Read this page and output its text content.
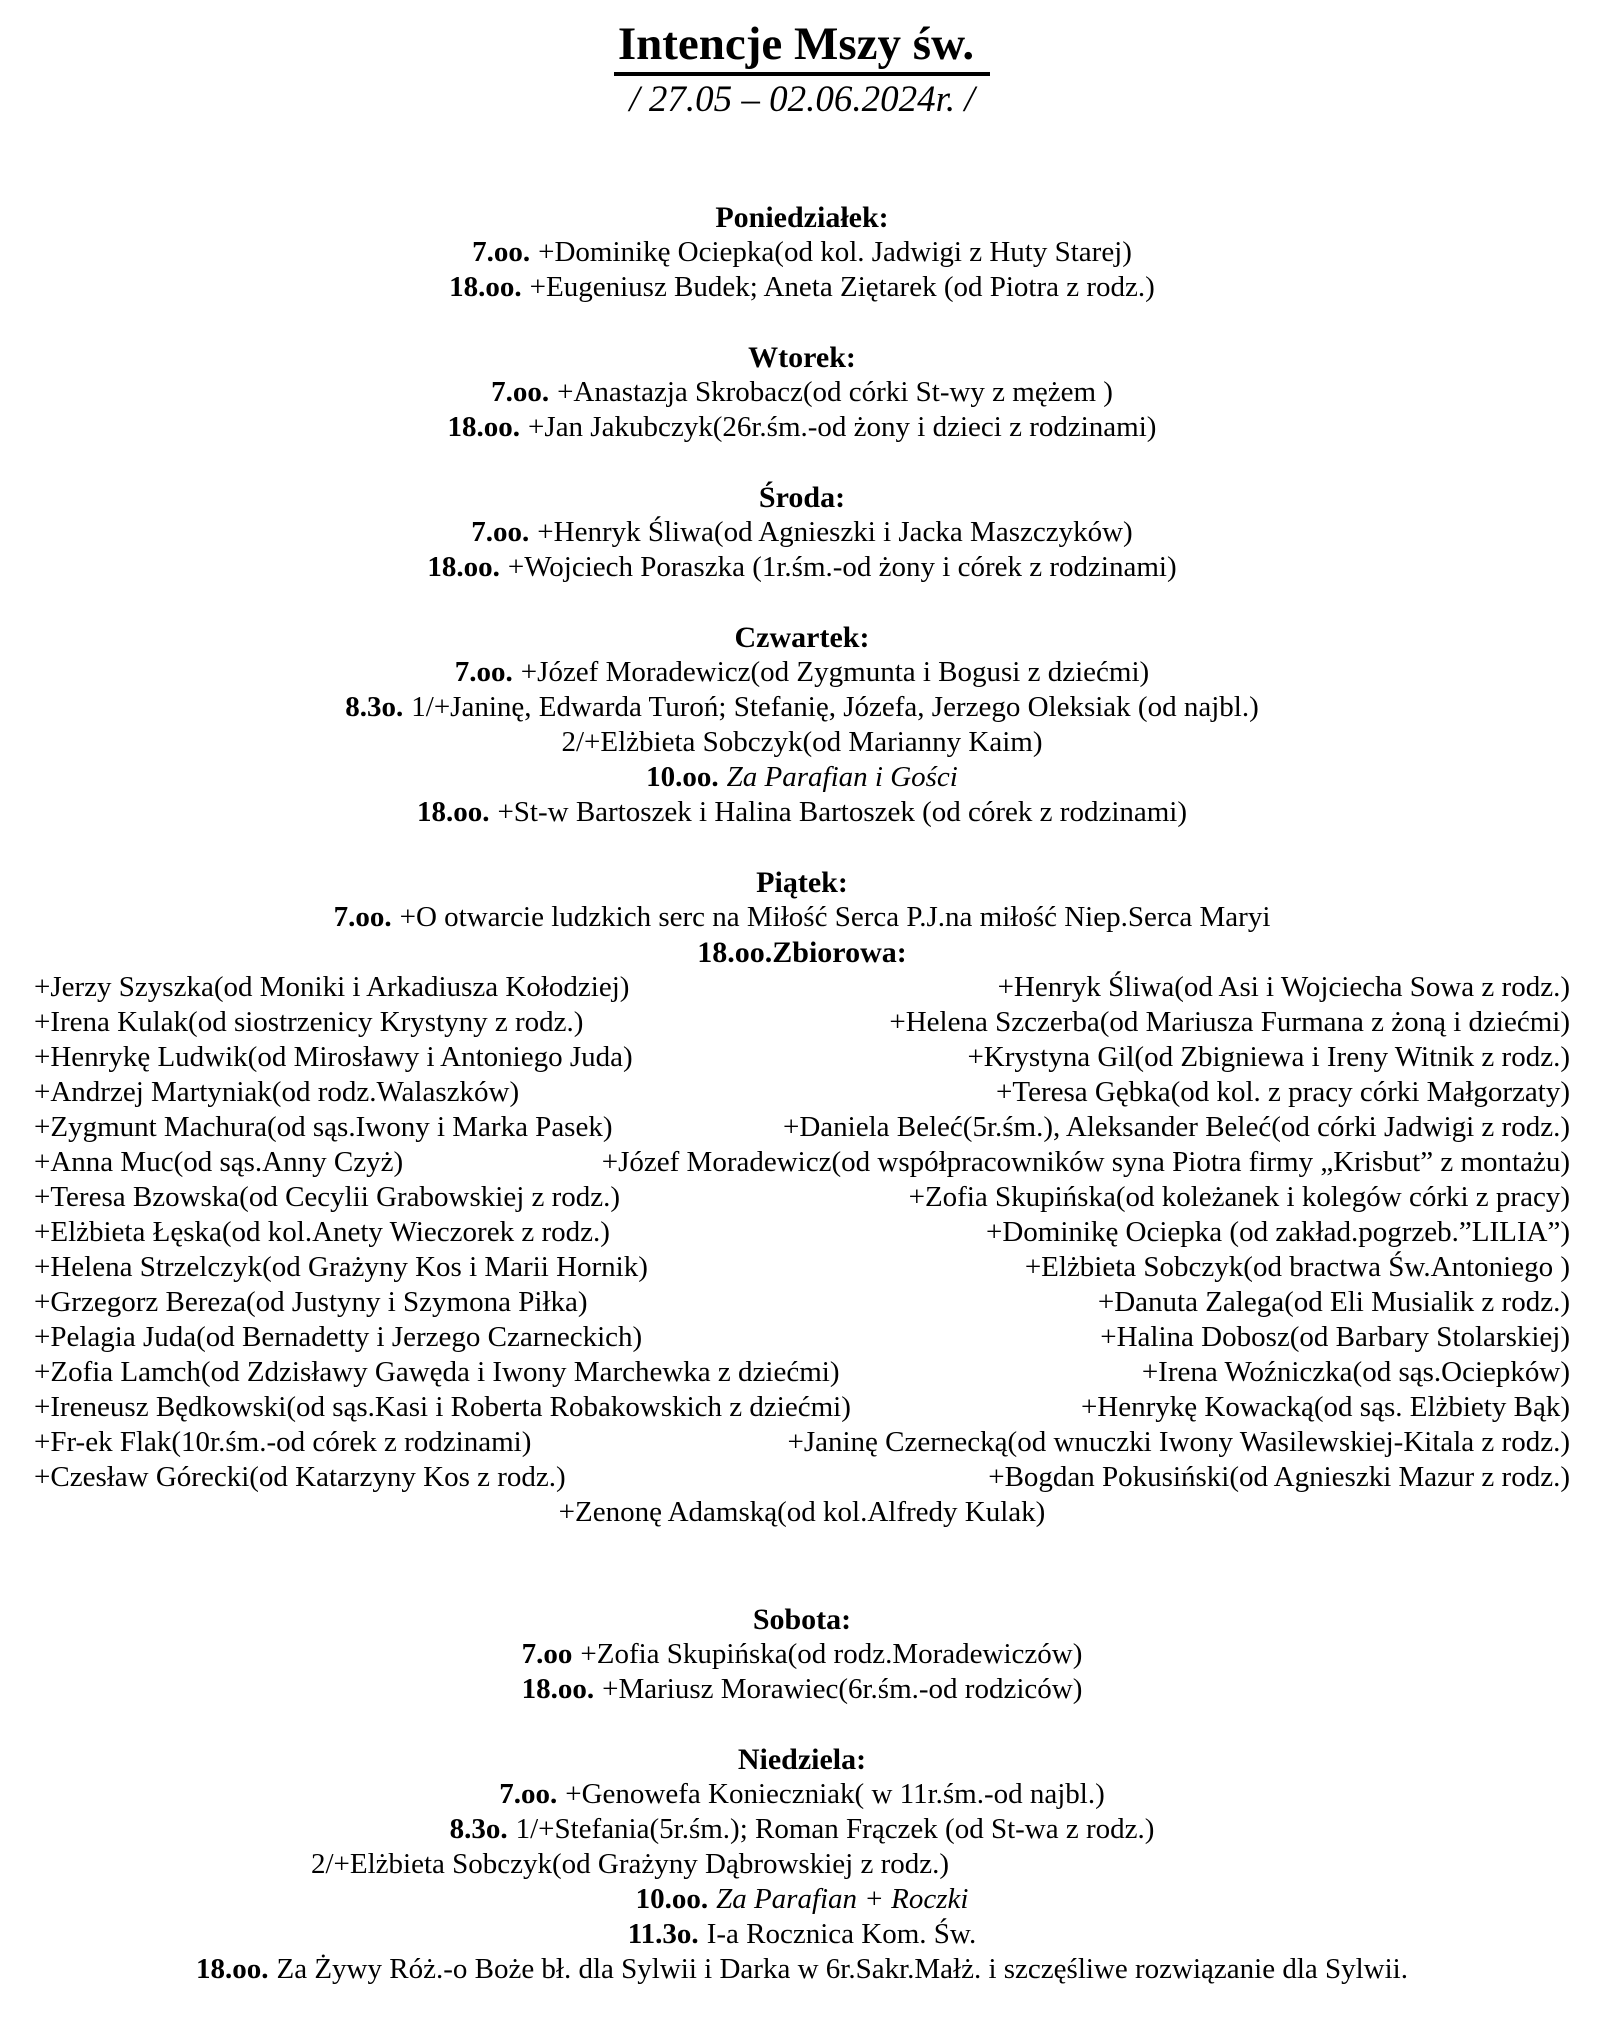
Intencje Mszy św.
/ 27.05 – 02.06.2024r. /
Poniedziałek:
7.oo. +Dominikę Ociepka(od kol. Jadwigi z Huty Starej)
18.oo. +Eugeniusz Budek; Aneta Ziętarek (od Piotra z rodz.)
Wtorek:
7.oo. +Anastazja Skrobacz(od córki St-wy z mężem )
18.oo. +Jan Jakubczyk(26r.śm.-od żony i dzieci z rodzinami)
Środa:
7.oo. +Henryk Śliwa(od Agnieszki i Jacka Maszczyków)
18.oo. +Wojciech Poraszka (1r.śm.-od żony i córek z rodzinami)
Czwartek:
7.oo. +Józef Moradewicz(od Zygmunta i Bogusi z dziećmi)
8.3o. 1/+Janinę, Edwarda Turoń; Stefanię, Józefa, Jerzego Oleksiak (od najbl.)
2/+Elżbieta Sobczyk(od Marianny Kaim)
10.oo. Za Parafian i Gości
18.oo. +St-w Bartoszek i Halina Bartoszek (od córek z rodzinami)
Piątek:
7.oo. +O otwarcie ludzkich serc na Miłość Serca P.J.na miłość Niep.Serca Maryi
18.oo.Zbiorowa:
+Jerzy Szyszka(od Moniki i Arkadiusza Kołodziej)	+Henryk Śliwa(od Asi i Wojciecha Sowa z rodz.)
+Irena Kulak(od siostrzenicy Krystyny z rodz.)	+Helena Szczerba(od Mariusza Furmana z żoną i dziećmi)
+Henrykę Ludwik(od Mirosławy i Antoniego Juda)	+Krystyna Gil(od Zbigniewa i Ireny Witnik z rodz.)
+Andrzej Martyniak(od rodz.Walaszków)	+Teresa Gębka(od kol. z pracy córki Małgorzaty)
+Zygmunt Machura(od sąs.Iwony i Marka Pasek)	+Daniela Beleć(5r.śm.), Aleksander Beleć(od córki Jadwigi z rodz.)
+Anna Muc(od sąs.Anny Czyż)	+Józef Moradewicz(od współpracowników syna Piotra firmy „Krisbut” z montażu)
+Teresa Bzowska(od Cecylii Grabowskiej z rodz.)	+Zofia Skupińska(od koleżanek i kolegów córki z pracy)
+Elżbieta Łęska(od kol.Anety Wieczorek z rodz.)	+Dominikę Ociepka (od zakład.pogrzeb.”LILIA”)
+Helena Strzelczyk(od Grażyny Kos i Marii Hornik)	+Elżbieta Sobczyk(od bractwa Św.Antoniego )
+Grzegorz Bereza(od Justyny i Szymona Piłka)	+Danuta Zalega(od Eli Musialik z rodz.)
+Pelagia Juda(od Bernadetty i Jerzego Czarneckich)	+Halina Dobosz(od Barbary Stolarskiej)
+Zofia Lamch(od Zdzisławy Gawęda i Iwony Marchewka z dziećmi)	+Irena Woźniczka(od sąs.Ociepków)
+Ireneusz Będkowski(od sąs.Kasi i Roberta Robakowskich z dziećmi)	+Henrykę Kowacką(od sąs. Elżbiety Bąk)
+Fr-ek Flak(10r.śm.-od córek z rodzinami)	+Janinę Czernecką(od wnuczki Iwony Wasilewskiej-Kitala z rodz.)
+Czesław Górecki(od Katarzyny Kos z rodz.)	+Bogdan Pokusiński(od Agnieszki Mazur z rodz.)
+Zenonę Adamską(od kol.Alfredy Kulak)
Sobota:
7.oo +Zofia Skupińska(od rodz.Moradewiczów)
18.oo. +Mariusz Morawiec(6r.śm.-od rodziców)
Niedziela:
7.oo. +Genowefa Konieczniak( w 11r.śm.-od najbl.)
8.3o. 1/+Stefania(5r.śm.); Roman Frączek (od St-wa z rodz.)
2/+Elżbieta Sobczyk(od Grażyny Dąbrowskiej z rodz.)
10.oo. Za Parafian + Roczki
11.3o. I-a Rocznica Kom. Św.
18.oo. Za Żywy Róż.-o Boże bł. dla Sylwii i Darka w 6r.Sakr.Małż. i szczęśliwe rozwiązanie dla Sylwii.
